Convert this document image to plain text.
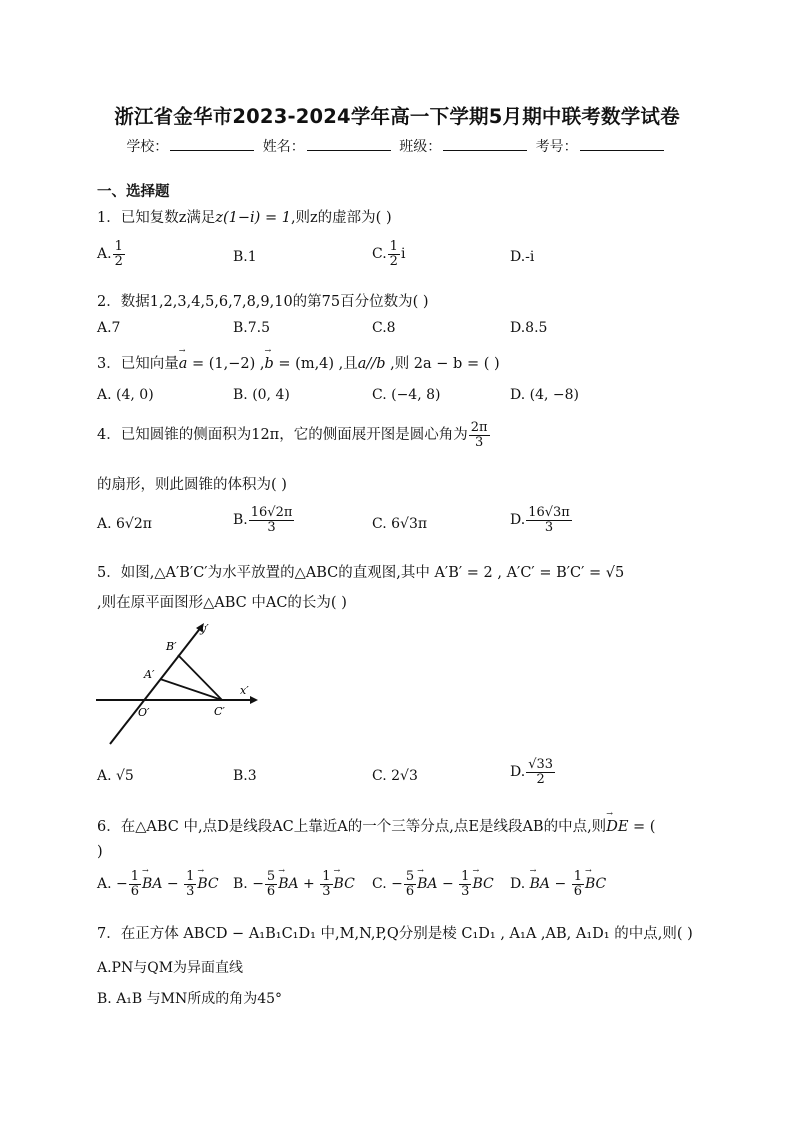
浙江省金华市2023-2024学年高一下学期5月期中联考数学试卷
学校：	姓名：	班级：	考号：
一、选择题
1．已知复数z满足z(1−i) = 1,则z的虚部为( )
A. $\frac{1}{2}$	B.1	C. $\frac{1}{2}$ i	D.-i
2．数据1,2,3,4,5,6,7,8,9,10的第75百分位数为( )
A.7	B.7.5	C.8	D.8.5
3．已知向量→ a = (1,−2) ,→ b = (m,4) ,且a//b ,则 2a − b = ( )
A. (4, 0)	B. (0, 4)	C. (−4, 8)	D. (4, −8)
4．已知圆锥的侧面积为12π，它的侧面展开图是圆心角为 $\frac{2\pi}{3}$
的扇形，则此圆锥的体积为( )
A. 6√2π	B. $\frac{16√2\pi}{3}$	C. 6√3π	D. $\frac{16√3\pi}{3}$
5．如图,△A′B′C′为水平放置的△ABC的直观图,其中 A′B′ = 2 , A′C′ = B′C′ = √5
,则在原平面图形△ABC 中AC的长为( )
y′
x′
B′
A′
O′	C′
A. √5	B.3	C. 2√3	D. $\frac{√33}{2}$
6．在△ABC 中,点D是线段AC上靠近A的一个三等分点,点E是线段AB的中点,则→ DE = (
)
A. − $\frac{1}{6}$ → BA − $\frac{1}{3}$ → BC B. − $\frac{5}{6}$ → BA + $\frac{1}{3}$ → BC C. − $\frac{5}{6}$ → BA − $\frac{1}{3}$ → BC D. → BA − $\frac{1}{6}$ → BC
7．在正方体 ABCD − A₁B₁C₁D₁ 中,M,N,P,Q分别是棱 C₁D₁ , A₁A ,AB, A₁D₁ 的中点,则( )
A.PN与QM为异面直线
B. A₁B 与MN所成的角为45°
